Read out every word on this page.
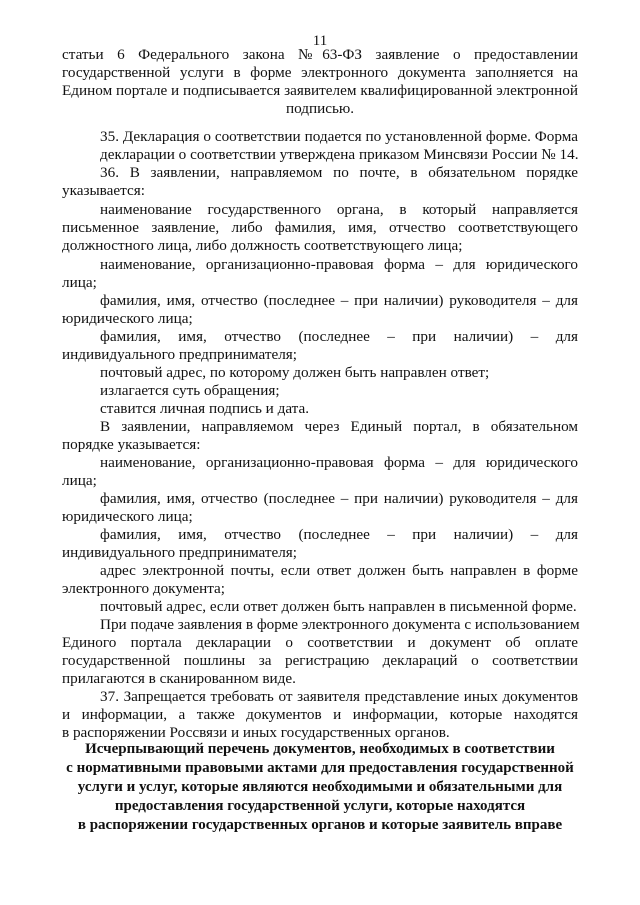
11
статьи 6 Федерального закона №63-ФЗ заявление о предоставлении
государственной услуги в форме электронного документа заполняется на
Едином портале и подписывается заявителем квалифицированной электронной
подписью.
35. Декларация о соответствии подается по установленной форме. Форма
декларации о соответствии утверждена приказом Минсвязи России № 14.
36. В заявлении, направляемом по почте, в обязательном порядке
указывается:
наименование государственного органа, в который направляется
письменное заявление, либо фамилия, имя, отчество соответствующего
должностного лица, либо должность соответствующего лица;
наименование, организационно-правовая форма – для юридического
лица;
фамилия, имя, отчество (последнее – при наличии) руководителя – для
юридического лица;
фамилия, имя, отчество (последнее – при наличии) – для
индивидуального предпринимателя;
почтовый адрес, по которому должен быть направлен ответ;
излагается суть обращения;
ставится личная подпись и дата.
В заявлении, направляемом через Единый портал, в обязательном
порядке указывается:
наименование, организационно-правовая форма – для юридического
лица;
фамилия, имя, отчество (последнее – при наличии) руководителя – для
юридического лица;
фамилия, имя, отчество (последнее – при наличии) – для
индивидуального предпринимателя;
адрес электронной почты, если ответ должен быть направлен в форме
электронного документа;
почтовый адрес, если ответ должен быть направлен в письменной форме.
При подаче заявления в форме электронного документа с использованием
Единого портала декларации о соответствии и документ об оплате
государственной пошлины за регистрацию деклараций о соответствии
прилагаются в сканированном виде.
37. Запрещается требовать от заявителя представление иных документов
и информации, а также документов и информации, которые находятся
в распоряжении Россвязи и иных государственных органов.
Исчерпывающий перечень документов, необходимых в соответствии
с нормативными правовыми актами для предоставления государственной
услуги и услуг, которые являются необходимыми и обязательными для
предоставления государственной услуги, которые находятся
в распоряжении государственных органов и которые заявитель вправе
